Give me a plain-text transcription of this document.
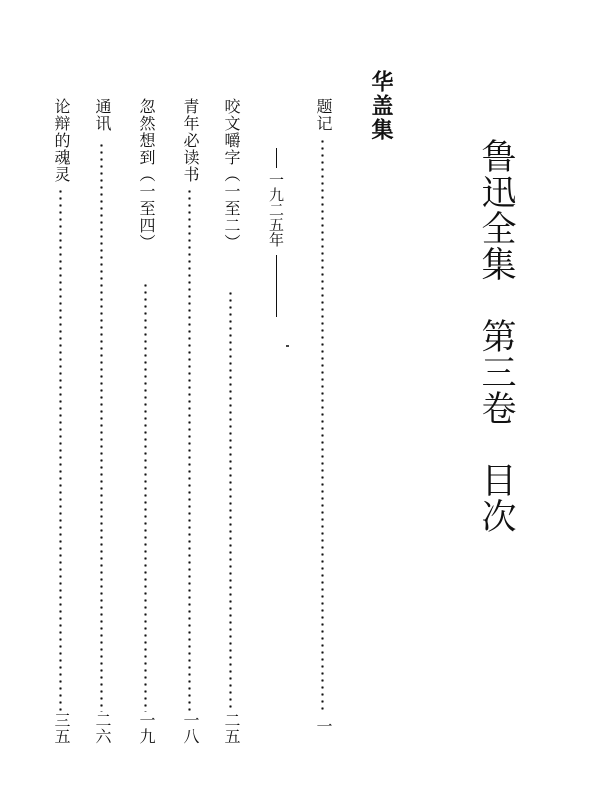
鲁迅全集　第三卷　目次
华盖集
题记
一
一九二五年
咬文嚼字（一至二）
二五
青年必读书
一八
忽然想到（一至四）
一九
通讯
二六
论辩的魂灵
三五
